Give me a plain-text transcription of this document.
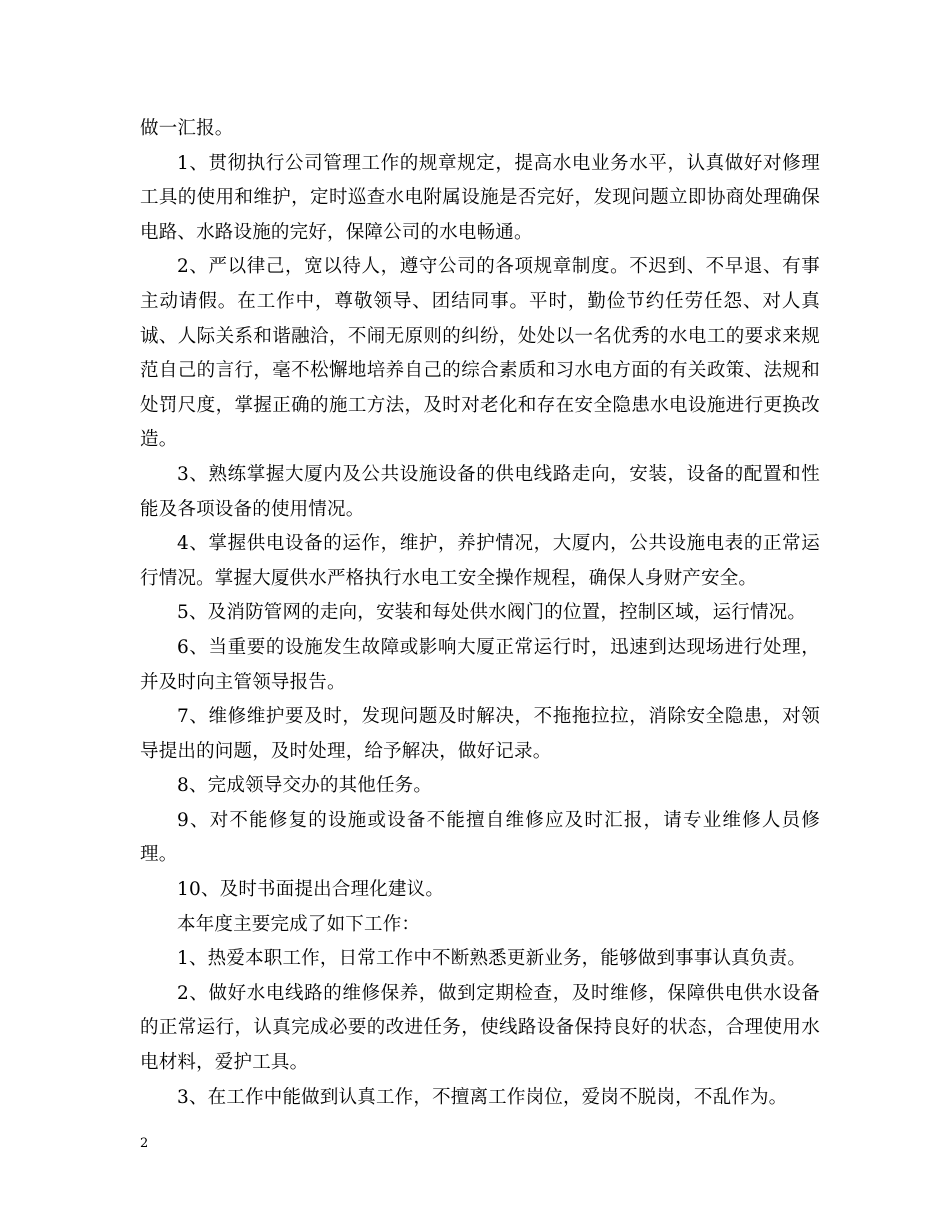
做一汇报。

1、贯彻执行公司管理工作的规章规定，提高水电业务水平，认真做好对修理工具的使用和维护，定时巡查水电附属设施是否完好，发现问题立即协商处理确保电路、水路设施的完好，保障公司的水电畅通。

2、严以律己，宽以待人，遵守公司的各项规章制度。不迟到、不早退、有事主动请假。在工作中，尊敬领导、团结同事。平时，勤俭节约任劳任怨、对人真诚、人际关系和谐融洽，不闹无原则的纠纷，处处以一名优秀的水电工的要求来规范自己的言行，毫不松懈地培养自己的综合素质和习水电方面的有关政策、法规和处罚尺度，掌握正确的施工方法，及时对老化和存在安全隐患水电设施进行更换改造。

3、熟练掌握大厦内及公共设施设备的供电线路走向，安装，设备的配置和性能及各项设备的使用情况。

4、掌握供电设备的运作，维护，养护情况，大厦内，公共设施电表的正常运行情况。掌握大厦供水严格执行水电工安全操作规程，确保人身财产安全。

5、及消防管网的走向，安装和每处供水阀门的位置，控制区域，运行情况。

6、当重要的设施发生故障或影响大厦正常运行时，迅速到达现场进行处理，并及时向主管领导报告。

7、维修维护要及时，发现问题及时解决，不拖拖拉拉，消除安全隐患，对领导提出的问题，及时处理，给予解决，做好记录。

8、完成领导交办的其他任务。

9、对不能修复的设施或设备不能擅自维修应及时汇报，请专业维修人员修理。

10、及时书面提出合理化建议。

本年度主要完成了如下工作：

1、热爱本职工作，日常工作中不断熟悉更新业务，能够做到事事认真负责。

2、做好水电线路的维修保养，做到定期检查，及时维修，保障供电供水设备的正常运行，认真完成必要的改进任务，使线路设备保持良好的状态，合理使用水电材料，爱护工具。

3、在工作中能做到认真工作，不擅离工作岗位，爱岗不脱岗，不乱作为。

2
